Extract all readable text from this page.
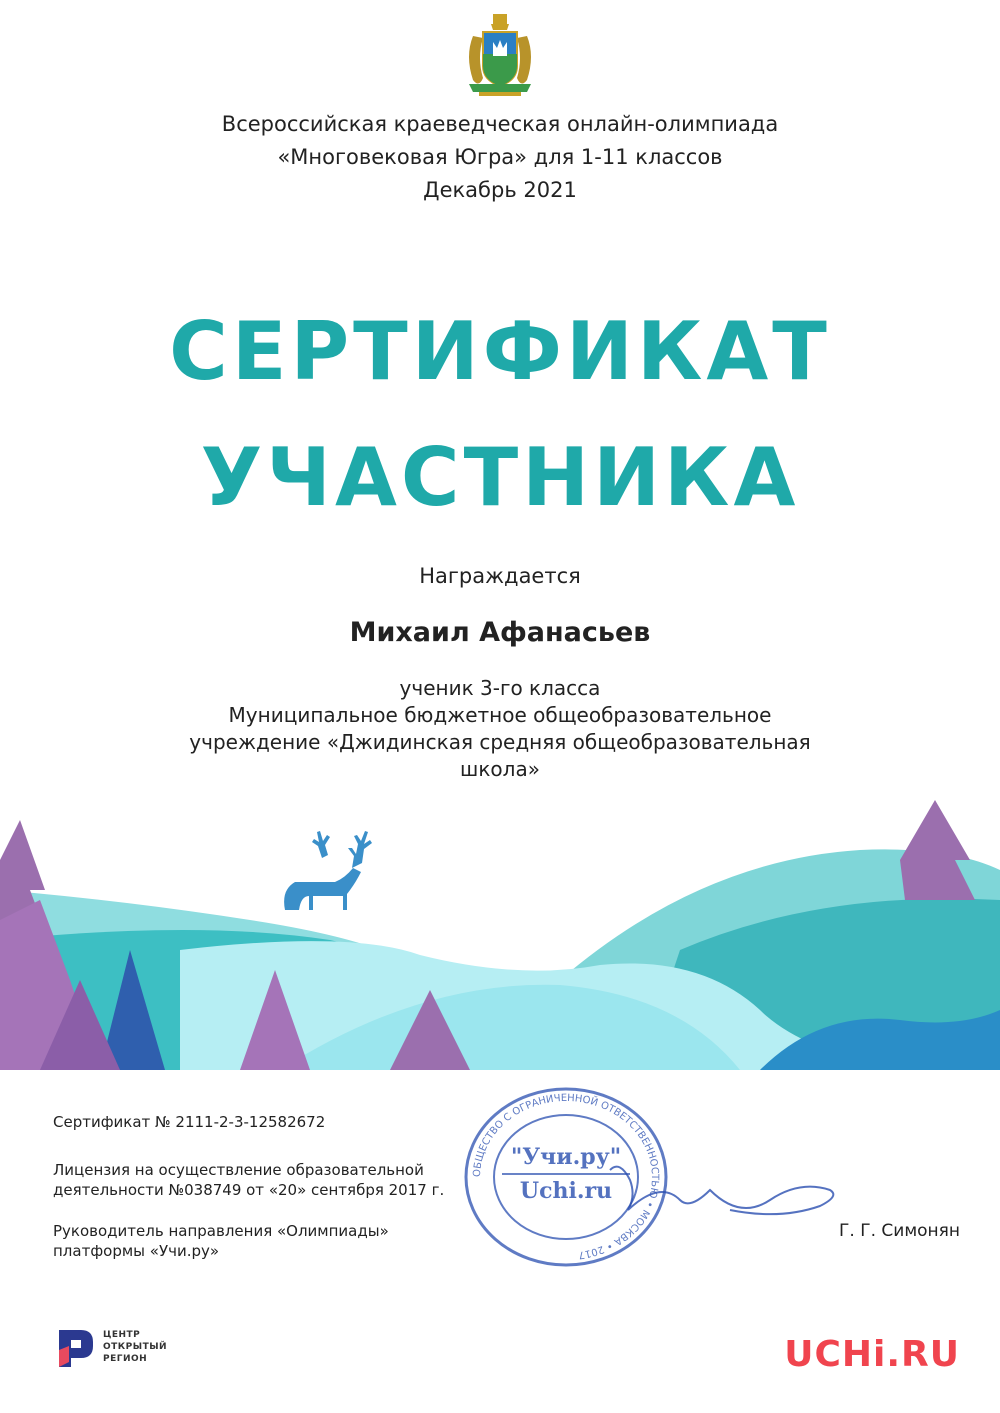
Всероссийская краеведческая онлайн-олимпиада
«Многовековая Югра» для 1-11 классов
Декабрь 2021
СЕРТИФИКАТ
УЧАСТНИКА
Награждается
Михаил Афанасьев
ученик 3-го класса
Муниципальное бюджетное общеобразовательное
учреждение «Джидинская средняя общеобразовательная
школа»
Сертификат № 2111-2-3-12582672
Лицензия на осуществление образовательной
деятельности №038749 от «20» сентября 2017 г.
Руководитель направления «Олимпиады»
платформы «Учи.ру»
Г. Г. Симонян
"Учи.ру"
Uchi.ru
ОБЩЕСТВО С ОГРАНИЧЕННОЙ ОТВЕТСТВЕННОСТЬЮ • МОСКВА • 2017
ЦЕНТР
ОТКРЫТЫЙ
РЕГИОН	UCHi.RU
